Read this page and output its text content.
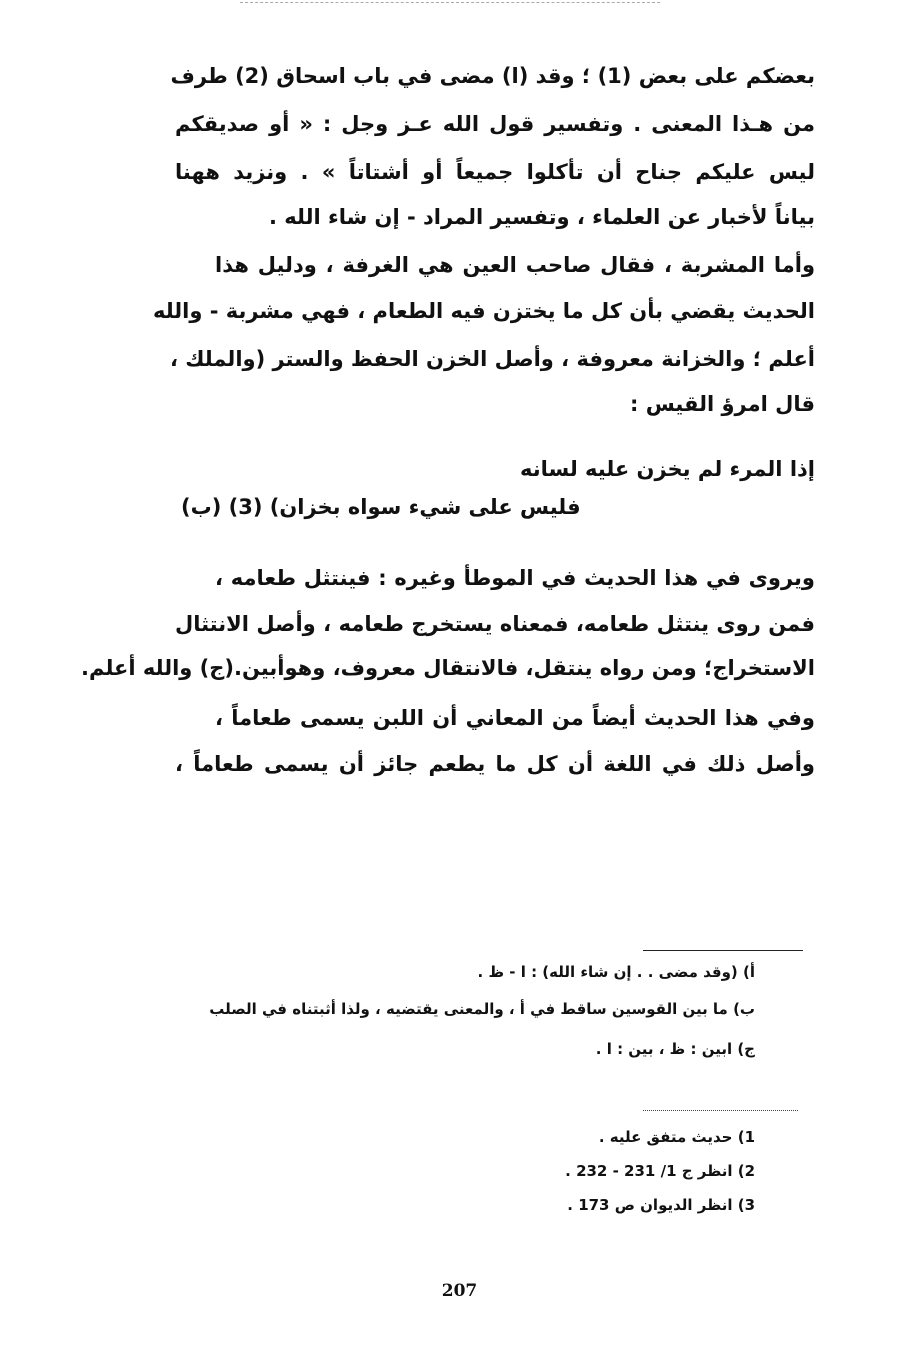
بعضكم على بعض (1) ؛ وقد (ا) مضى في باب اسحاق (2) طرف
من هـذا المعنى . وتفسير قول الله عـز وجل : « أو صديقكم
ليس عليكم جناح أن تأكلوا جميعاً أو أشتاتاً » . ونزيد ههنا
بياناً لأخبار عن العلماء ، وتفسير المراد - إن شاء الله .
وأما المشربة ، فقال صاحب العين هي الغرفة ، ودليل هذا
الحديث يقضي بأن كل ما يختزن فيه الطعام ، فهي مشربة - والله
أعلم ؛ والخزانة معروفة ، وأصل الخزن الحفظ والستر (والملك ،
قال امرؤ القيس :
إذا المرء لم يخزن عليه لسانه
فليس على شيء سواه بخزان) (3) (ب)
ويروى في هذا الحديث في الموطأ وغيره : فينتثل طعامه ،
فمن روى ينتثل طعامه، فمعناه يستخرج طعامه ، وأصل الانتثال
الاستخراج؛ ومن رواه ينتقل، فالانتقال معروف، وهوأبين.(ج) والله أعلم.
وفي هذا الحديث أيضاً من المعاني أن اللبن يسمى طعاماً ،
وأصل ذلك في اللغة أن كل ما يطعم جائز أن يسمى طعاماً ،
أ) (وقد مضى . . إن شاء الله) : ا - ظ .
ب) ما بين القوسين ساقط في أ ، والمعنى يقتضيه ، ولذا أثبتناه في الصلب
ج) ابين : ظ ، بين : ا .
1) حديث متفق عليه .
2) انظر ج 1/ 231 - 232 .
3) انظر الديوان ص 173 .
207
